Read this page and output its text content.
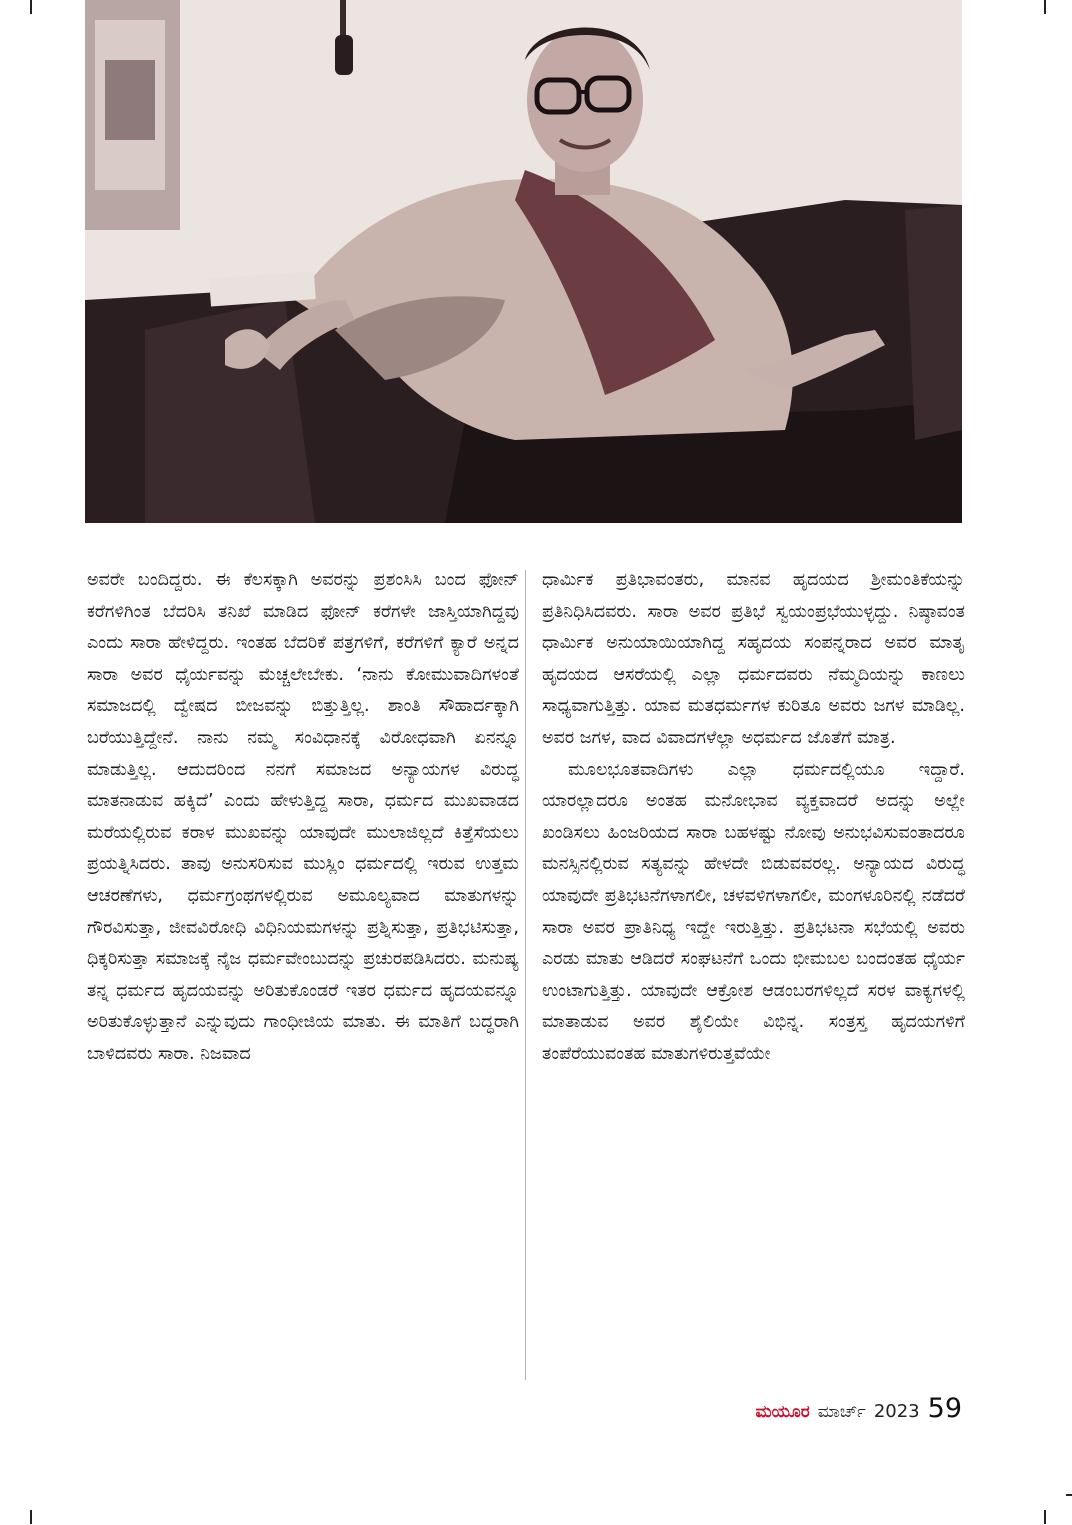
ಅವರೇ ಬಂದಿದ್ದರು. ಈ ಕೆಲಸಕ್ಕಾಗಿ ಅವರನ್ನು ಪ್ರಶಂಸಿಸಿ ಬಂದ ಫೋನ್ ಕರೆಗಳಿಗಿಂತ ಬೆದರಿಸಿ ತನಿಖೆ ಮಾಡಿದ ಫೋನ್ ಕರೆಗಳೇ ಜಾಸ್ತಿಯಾಗಿದ್ದವು ಎಂದು ಸಾರಾ ಹೇಳಿದ್ದರು. ಇಂತಹ ಬೆದರಿಕೆ ಪತ್ರಗಳಿಗೆ, ಕರೆಗಳಿಗೆ ಕ್ಯಾರೆ ಅನ್ನದ ಸಾರಾ ಅವರ ಧೈರ್ಯವನ್ನು ಮೆಚ್ಚಲೇಬೇಕು. ‘ನಾನು ಕೋಮುವಾದಿಗಳಂತೆ ಸಮಾಜದಲ್ಲಿ ದ್ವೇಷದ ಬೀಜವನ್ನು ಬಿತ್ತುತ್ತಿಲ್ಲ. ಶಾಂತಿ ಸೌಹಾರ್ದಕ್ಕಾಗಿ ಬರೆಯುತ್ತಿದ್ದೇನೆ. ನಾನು ನಮ್ಮ ಸಂವಿಧಾನಕ್ಕೆ ವಿರೋಧವಾಗಿ ಏನನ್ನೂ ಮಾಡುತ್ತಿಲ್ಲ. ಆದುದರಿಂದ ನನಗೆ ಸಮಾಜದ ಅನ್ಯಾಯಗಳ ವಿರುದ್ಧ ಮಾತನಾಡುವ ಹಕ್ಕಿದೆ’ ಎಂದು ಹೇಳುತ್ತಿದ್ದ ಸಾರಾ, ಧರ್ಮದ ಮುಖವಾಡದ ಮರೆಯಲ್ಲಿರುವ ಕರಾಳ ಮುಖವನ್ನು ಯಾವುದೇ ಮುಲಾಜಿಲ್ಲದೆ ಕಿತ್ತೆಸೆಯಲು ಪ್ರಯತ್ನಿಸಿದರು. ತಾವು ಅನುಸರಿಸುವ ಮುಸ್ಲಿಂ ಧರ್ಮದಲ್ಲಿ ಇರುವ ಉತ್ತಮ ಆಚರಣೆಗಳು, ಧರ್ಮಗ್ರಂಥಗಳಲ್ಲಿರುವ ಅಮೂಲ್ಯವಾದ ಮಾತುಗಳನ್ನು ಗೌರವಿಸುತ್ತಾ, ಜೀವವಿರೋಧಿ ವಿಧಿನಿಯಮಗಳನ್ನು ಪ್ರಶ್ನಿಸುತ್ತಾ, ಪ್ರತಿಭಟಿಸುತ್ತಾ, ಧಿಕ್ಕರಿಸುತ್ತಾ ಸಮಾಜಕ್ಕೆ ನೈಜ ಧರ್ಮವೇಂಬುದನ್ನು ಪ್ರಚುರಪಡಿಸಿದರು. ಮನುಷ್ಯ ತನ್ನ ಧರ್ಮದ ಹೃದಯವನ್ನು ಅರಿತುಕೊಂಡರೆ ಇತರ ಧರ್ಮದ ಹೃದಯವನ್ನೂ ಅರಿತುಕೊಳ್ಳುತ್ತಾನೆ ಎನ್ನುವುದು ಗಾಂಧೀಜಿಯ ಮಾತು. ಈ ಮಾತಿಗೆ ಬದ್ಧರಾಗಿ ಬಾಳಿದವರು ಸಾರಾ. ನಿಜವಾದ

ಧಾರ್ಮಿಕ ಪ್ರತಿಭಾವಂತರು, ಮಾನವ ಹೃದಯದ ಶ್ರೀಮಂತಿಕೆಯನ್ನು ಪ್ರತಿನಿಧಿಸಿದವರು. ಸಾರಾ ಅವರ ಪ್ರತಿಭೆ ಸ್ವಯಂಪ್ರಭೆಯುಳ್ಳದ್ದು. ನಿಷ್ಠಾವಂತ ಧಾರ್ಮಿಕ ಅನುಯಾಯಿಯಾಗಿದ್ದ ಸಹೃದಯ ಸಂಪನ್ನರಾದ ಅವರ ಮಾತೃ ಹೃದಯದ ಆಸರೆಯಲ್ಲಿ ಎಲ್ಲಾ ಧರ್ಮದವರು ನೆಮ್ಮದಿಯನ್ನು ಕಾಣಲು ಸಾಧ್ಯವಾಗುತ್ತಿತ್ತು. ಯಾವ ಮತಧರ್ಮಗಳ ಕುರಿತೂ ಅವರು ಜಗಳ ಮಾಡಿಲ್ಲ. ಅವರ ಜಗಳ, ವಾದ ವಿವಾದಗಳೆಲ್ಲಾ ಅಧರ್ಮದ ಜೊತೆಗೆ ಮಾತ್ರ.

ಮೂಲಭೂತವಾದಿಗಳು ಎಲ್ಲಾ ಧರ್ಮದಲ್ಲಿಯೂ ಇದ್ದಾರೆ. ಯಾರಲ್ಲಾದರೂ ಅಂತಹ ಮನೋಭಾವ ವ್ಯಕ್ತವಾದರೆ ಅದನ್ನು ಅಲ್ಲೇ ಖಂಡಿಸಲು ಹಿಂಜರಿಯದ ಸಾರಾ ಬಹಳಷ್ಟು ನೋವು ಅನುಭವಿಸುವಂತಾದರೂ ಮನಸ್ಸಿನಲ್ಲಿರುವ ಸತ್ಯವನ್ನು ಹೇಳದೇ ಬಿಡುವವರಲ್ಲ. ಅನ್ಯಾಯದ ವಿರುದ್ಧ ಯಾವುದೇ ಪ್ರತಿಭಟನೆಗಳಾಗಲೀ, ಚಳವಳಿಗಳಾಗಲೀ, ಮಂಗಳೂರಿನಲ್ಲಿ ನಡೆದರೆ ಸಾರಾ ಅವರ ಪ್ರಾತಿನಿಧ್ಯ ಇದ್ದೇ ಇರುತ್ತಿತ್ತು. ಪ್ರತಿಭಟನಾ ಸಭೆಯಲ್ಲಿ ಅವರು ಎರಡು ಮಾತು ಆಡಿದರೆ ಸಂಘಟನೆಗೆ ಒಂದು ಭೀಮಬಲ ಬಂದಂತಹ ಧೈರ್ಯ ಉಂಟಾಗುತ್ತಿತ್ತು. ಯಾವುದೇ ಆಕ್ರೋಶ ಆಡಂಬರಗಳಿಲ್ಲದೆ ಸರಳ ವಾಕ್ಯಗಳಲ್ಲಿ ಮಾತಾಡುವ ಅವರ ಶೈಲಿಯೇ ವಿಭಿನ್ನ. ಸಂತ್ರಸ್ತ ಹೃದಯಗಳಿಗೆ ತಂಪೆರೆಯುವಂತಹ ಮಾತುಗಳಿರುತ್ತವೆಯೇ

ಮಯೂರ ಮಾರ್ಚ್ 2023 59
